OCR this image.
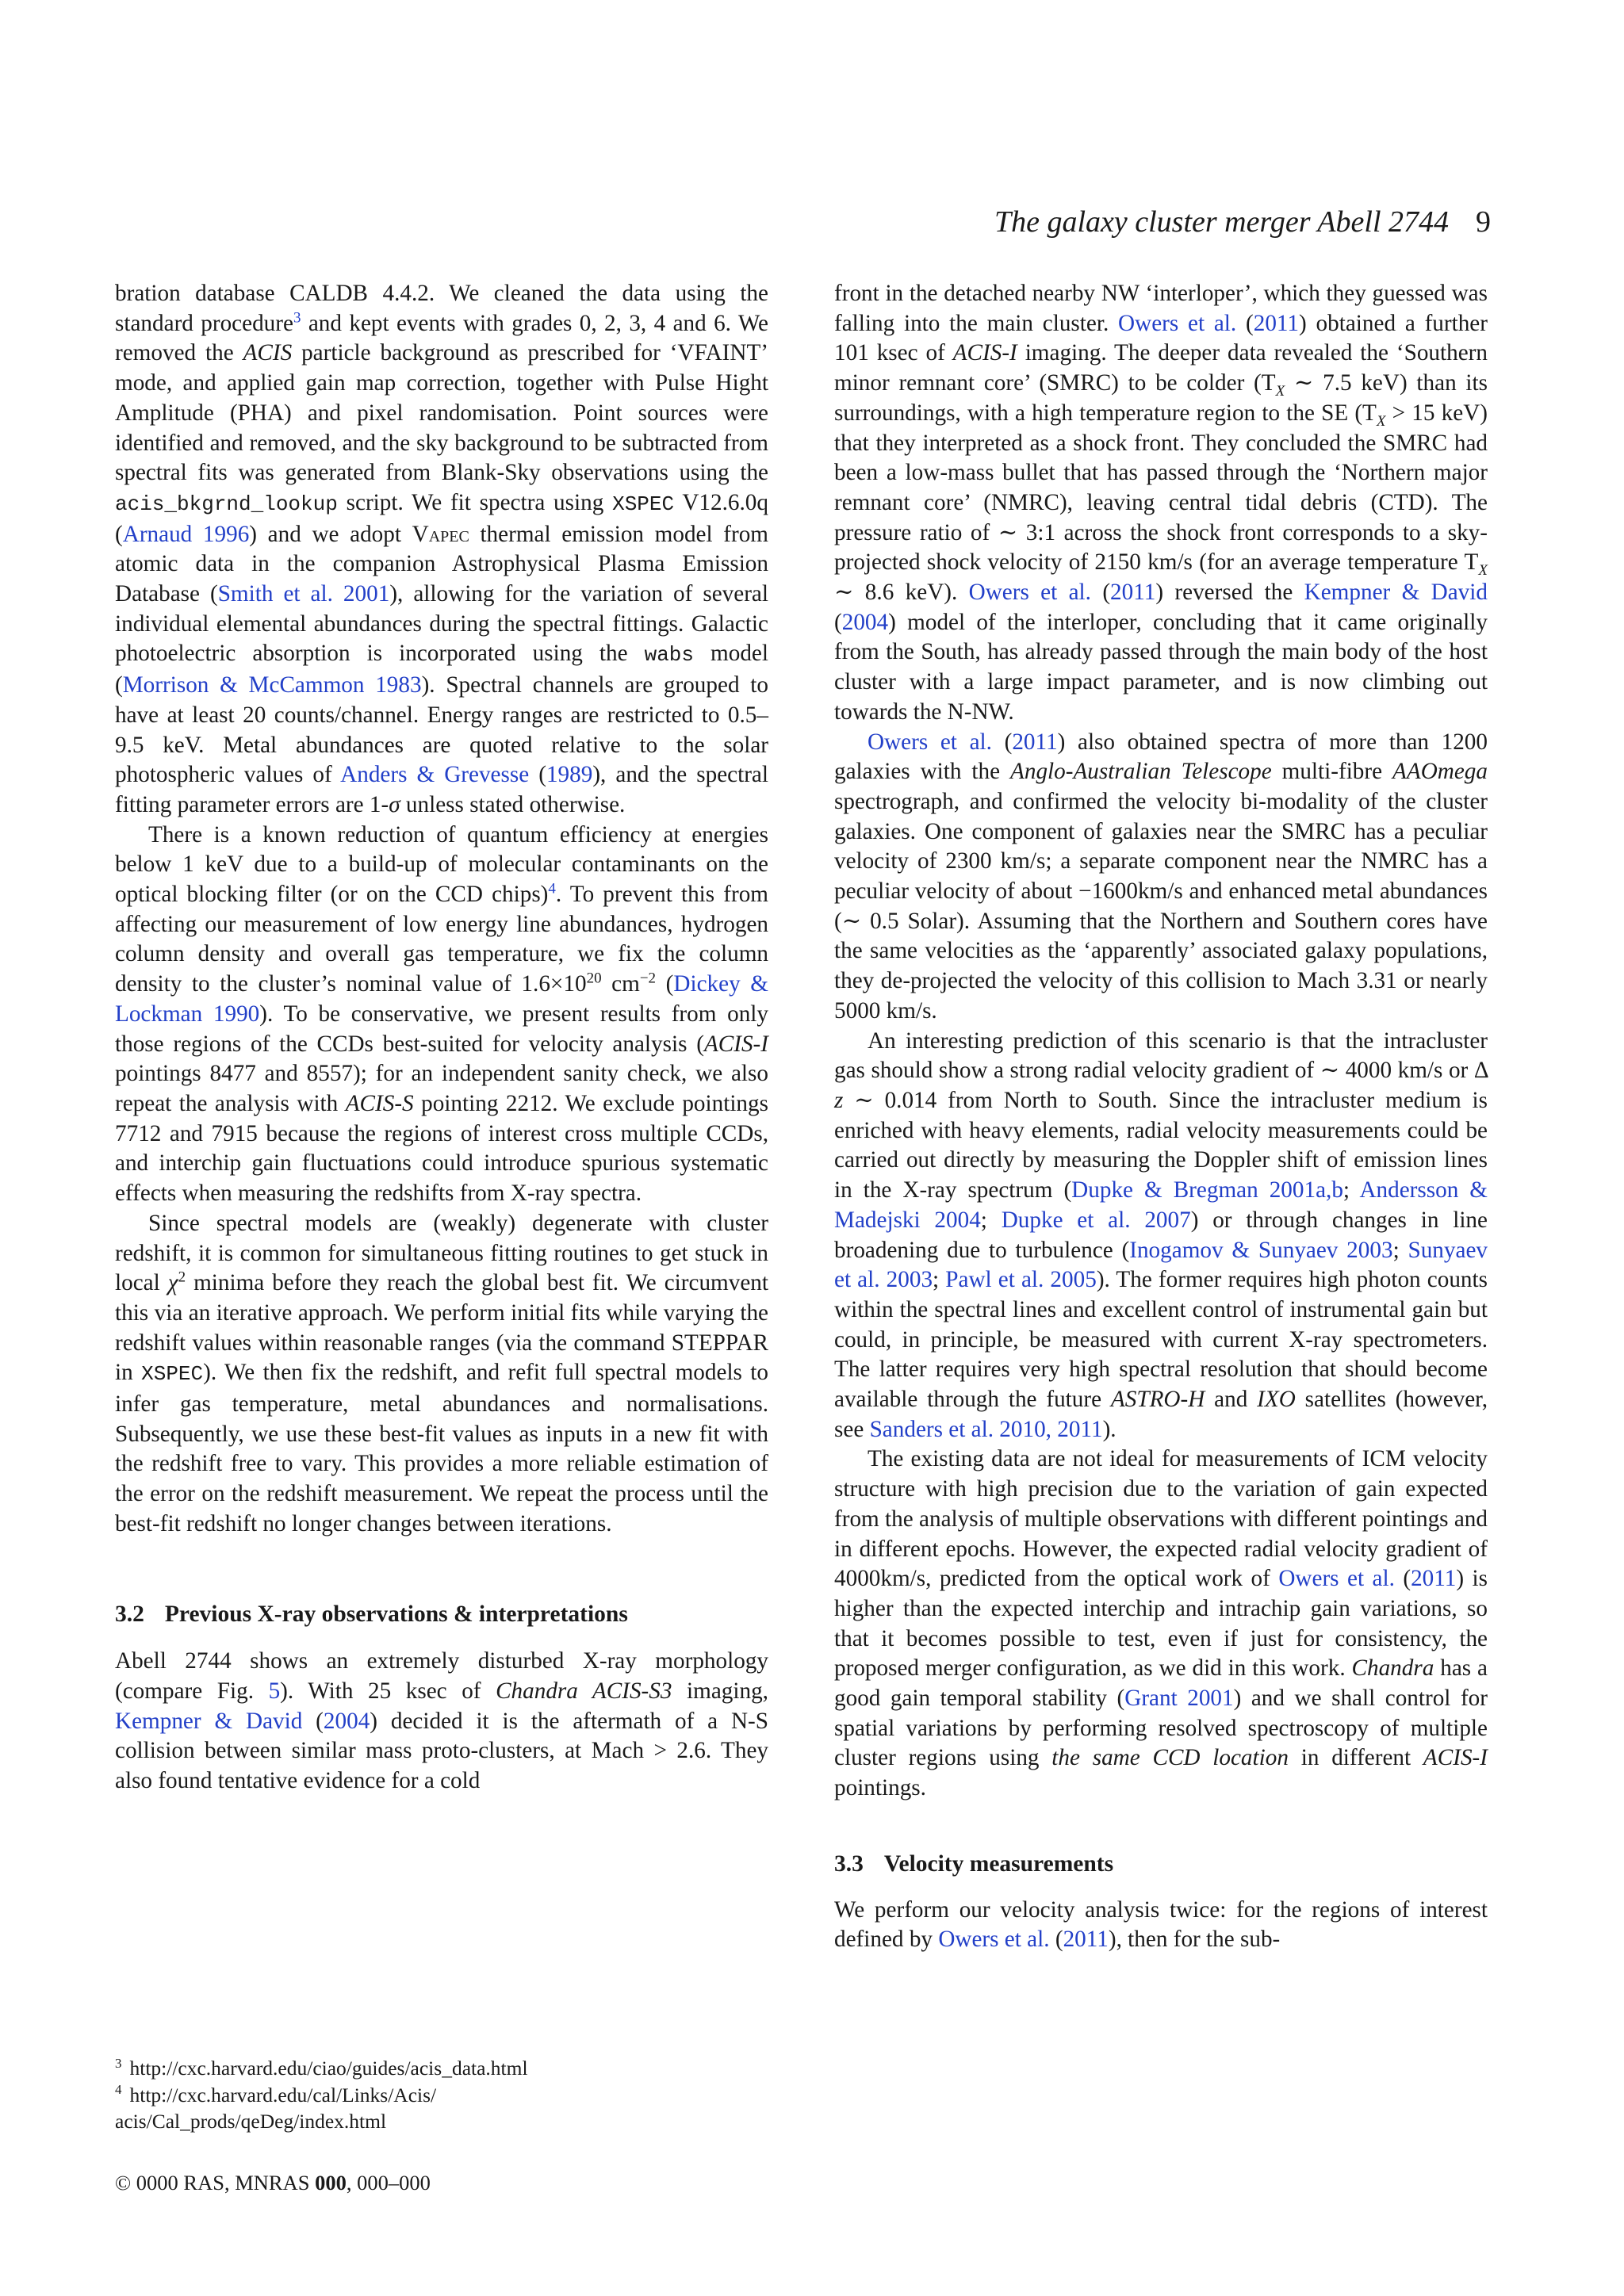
The galaxy cluster merger Abell 2744 9

bration database CALDB 4.4.2. We cleaned the data using the standard procedure$^3$ and kept events with grades 0, 2, 3, 4 and 6. We removed the ACIS particle background as prescribed for ‘VFAINT’ mode, and applied gain map correction, together with Pulse Hight Amplitude (PHA) and pixel randomisation. Point sources were identified and removed, and the sky background to be subtracted from spectral fits was generated from Blank-Sky observations using the acis_bkgrnd_lookup script. We fit spectra using XSPEC V12.6.0q (Arnaud 1996) and we adopt Vapec thermal emission model from atomic data in the companion Astrophysical Plasma Emission Database (Smith et al. 2001), allowing for the variation of several individual elemental abundances during the spectral fittings. Galactic photoelectric absorption is incorporated using the wabs model (Morrison & McCammon 1983). Spectral channels are grouped to have at least 20 counts/channel. Energy ranges are restricted to 0.5–9.5 keV. Metal abundances are quoted relative to the solar photospheric values of Anders & Grevesse (1989), and the spectral fitting parameter errors are 1-σ unless stated otherwise.

There is a known reduction of quantum efficiency at energies below 1 keV due to a build-up of molecular contaminants on the optical blocking filter (or on the CCD chips)$^4$. To prevent this from affecting our measurement of low energy line abundances, hydrogen column density and overall gas temperature, we fix the column density to the cluster’s nominal value of $1.6\times 10^{20}$ $cm^{-2}$ (Dickey & Lockman 1990). To be conservative, we present results from only those regions of the CCDs best-suited for velocity analysis (ACIS-I pointings 8477 and 8557); for an independent sanity check, we also repeat the analysis with ACIS-S pointing 2212. We exclude pointings 7712 and 7915 because the regions of interest cross multiple CCDs, and interchip gain fluctuations could introduce spurious systematic effects when measuring the redshifts from X-ray spectra.

Since spectral models are (weakly) degenerate with cluster redshift, it is common for simultaneous fitting routines to get stuck in local $\chi^2$ minima before they reach the global best fit. We circumvent this via an iterative approach. We perform initial fits while varying the redshift values within reasonable ranges (via the command STEPPAR in XSPEC). We then fix the redshift, and refit full spectral models to infer gas temperature, metal abundances and normalisations. Subsequently, we use these best-fit values as inputs in a new fit with the redshift free to vary. This provides a more reliable estimation of the error on the redshift measurement. We repeat the process until the best-fit redshift no longer changes between iterations.

3.2 Previous X-ray observations & interpretations

Abell 2744 shows an extremely disturbed X-ray morphology (compare Fig. 5). With 25 ksec of Chandra ACIS-S3 imaging, Kempner & David (2004) decided it is the aftermath of a N-S collision between similar mass proto-clusters, at Mach > 2.6. They also found tentative evidence for a cold

front in the detached nearby NW ‘interloper’, which they guessed was falling into the main cluster. Owers et al. (2011) obtained a further 101 ksec of ACIS-I imaging. The deeper data revealed the ‘Southern minor remnant core’ (SMRC) to be colder ($T_X$ ∼ 7.5 keV) than its surroundings, with a high temperature region to the SE ($T_X > 15$ keV) that they interpreted as a shock front. They concluded the SMRC had been a low-mass bullet that has passed through the ‘Northern major remnant core’ (NMRC), leaving central tidal debris (CTD). The pressure ratio of ∼ 3:1 across the shock front corresponds to a sky-projected shock velocity of 2150 km/s (for an average temperature $T_X$ ∼ 8.6 keV). Owers et al. (2011) reversed the Kempner & David (2004) model of the interloper, concluding that it came originally from the South, has already passed through the main body of the host cluster with a large impact parameter, and is now climbing out towards the N-NW.

Owers et al. (2011) also obtained spectra of more than 1200 galaxies with the Anglo-Australian Telescope multi-fibre AAOmega spectrograph, and confirmed the velocity bi-modality of the cluster galaxies. One component of galaxies near the SMRC has a peculiar velocity of 2300 km/s; a separate component near the NMRC has a peculiar velocity of about −1600km/s and enhanced metal abundances (∼ 0.5 Solar). Assuming that the Northern and Southern cores have the same velocities as the ‘apparently’ associated galaxy populations, they de-projected the velocity of this collision to Mach 3.31 or nearly 5000 km/s.

An interesting prediction of this scenario is that the intracluster gas should show a strong radial velocity gradient of ∼ 4000 km/s or Δ z ∼ 0.014 from North to South. Since the intracluster medium is enriched with heavy elements, radial velocity measurements could be carried out directly by measuring the Doppler shift of emission lines in the X-ray spectrum (Dupke & Bregman 2001a,b; Andersson & Madejski 2004; Dupke et al. 2007) or through changes in line broadening due to turbulence (Inogamov & Sunyaev 2003; Sunyaev et al. 2003; Pawl et al. 2005). The former requires high photon counts within the spectral lines and excellent control of instrumental gain but could, in principle, be measured with current X-ray spectrometers. The latter requires very high spectral resolution that should become available through the future ASTRO-H and IXO satellites (however, see Sanders et al. 2010, 2011).

The existing data are not ideal for measurements of ICM velocity structure with high precision due to the variation of gain expected from the analysis of multiple observations with different pointings and in different epochs. However, the expected radial velocity gradient of 4000km/s, predicted from the optical work of Owers et al. (2011) is higher than the expected interchip and intrachip gain variations, so that it becomes possible to test, even if just for consistency, the proposed merger configuration, as we did in this work. Chandra has a good gain temporal stability (Grant 2001) and we shall control for spatial variations by performing resolved spectroscopy of multiple cluster regions using the same CCD location in different ACIS-I pointings.

3.3 Velocity measurements

We perform our velocity analysis twice: for the regions of interest defined by Owers et al. (2011), then for the sub-

$^3$ http://cxc.harvard.edu/ciao/guides/acis_data.html
$^4$ http://cxc.harvard.edu/cal/Links/Acis/
acis/Cal_prods/qeDeg/index.html
© 0000 RAS, MNRAS 000, 000–000
